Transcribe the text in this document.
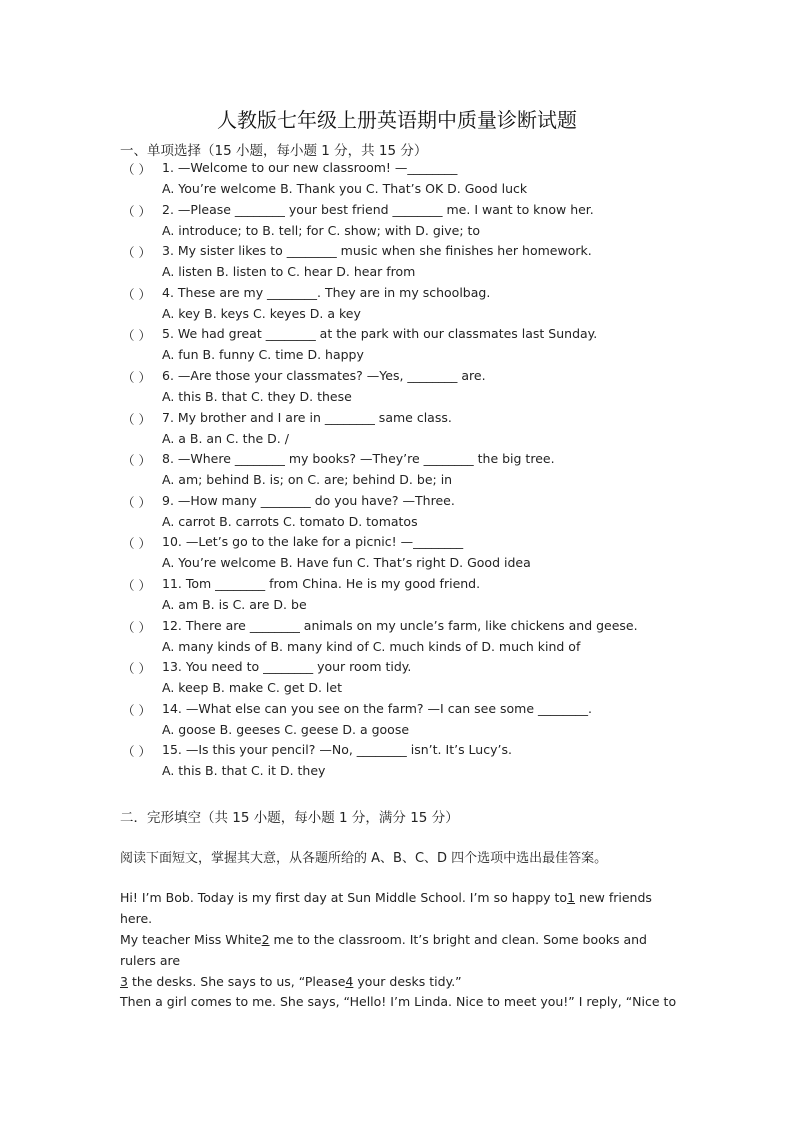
人教版七年级上册英语期中质量诊断试题
一、单项选择（15 小题，每小题 1 分，共 15 分）
（ ） 1. —Welcome to our new classroom! —________
A. You’re welcome B. Thank you C. That’s OK D. Good luck
（ ） 2. —Please ________ your best friend ________ me. I want to know her.
A. introduce; to B. tell; for C. show; with D. give; to
（ ） 3. My sister likes to ________ music when she finishes her homework.
A. listen B. listen to C. hear D. hear from
（ ） 4. These are my ________. They are in my schoolbag.
A. key B. keys C. keyes D. a key
（ ） 5. We had great ________ at the park with our classmates last Sunday.
A. fun B. funny C. time D. happy
（ ） 6. —Are those your classmates? —Yes, ________ are.
A. this B. that C. they D. these
（ ） 7. My brother and I are in ________ same class.
A. a B. an C. the D. /
（ ） 8. —Where ________ my books? —They’re ________ the big tree.
A. am; behind B. is; on C. are; behind D. be; in
（ ） 9. —How many ________ do you have? —Three.
A. carrot B. carrots C. tomato D. tomatos
（ ） 10. —Let’s go to the lake for a picnic! —________
A. You’re welcome B. Have fun C. That’s right D. Good idea
（ ） 11. Tom ________ from China. He is my good friend.
A. am B. is C. are D. be
（ ） 12. There are ________ animals on my uncle’s farm, like chickens and geese.
A. many kinds of B. many kind of C. much kinds of D. much kind of
（ ） 13. You need to ________ your room tidy.
A. keep B. make C. get D. let
（ ） 14. —What else can you see on the farm? —I can see some ________.
A. goose B. geeses C. geese D. a goose
（ ） 15. —Is this your pencil? —No, ________ isn’t. It’s Lucy’s.
A. this B. that C. it D. they
二．完形填空（共 15 小题，每小题 1 分，满分 15 分）
阅读下面短文，掌握其大意，从各题所给的 A、B、C、D 四个选项中选出最佳答案。
Hi! I’m Bob. Today is my first day at Sun Middle School. I’m so happy to1 new friends here.
My teacher Miss White2 me to the classroom. It’s bright and clean. Some books and rulers are
3 the desks. She says to us, “Please4 your desks tidy.”
Then a girl comes to me. She says, “Hello! I’m Linda. Nice to meet you!” I reply, “Nice to
